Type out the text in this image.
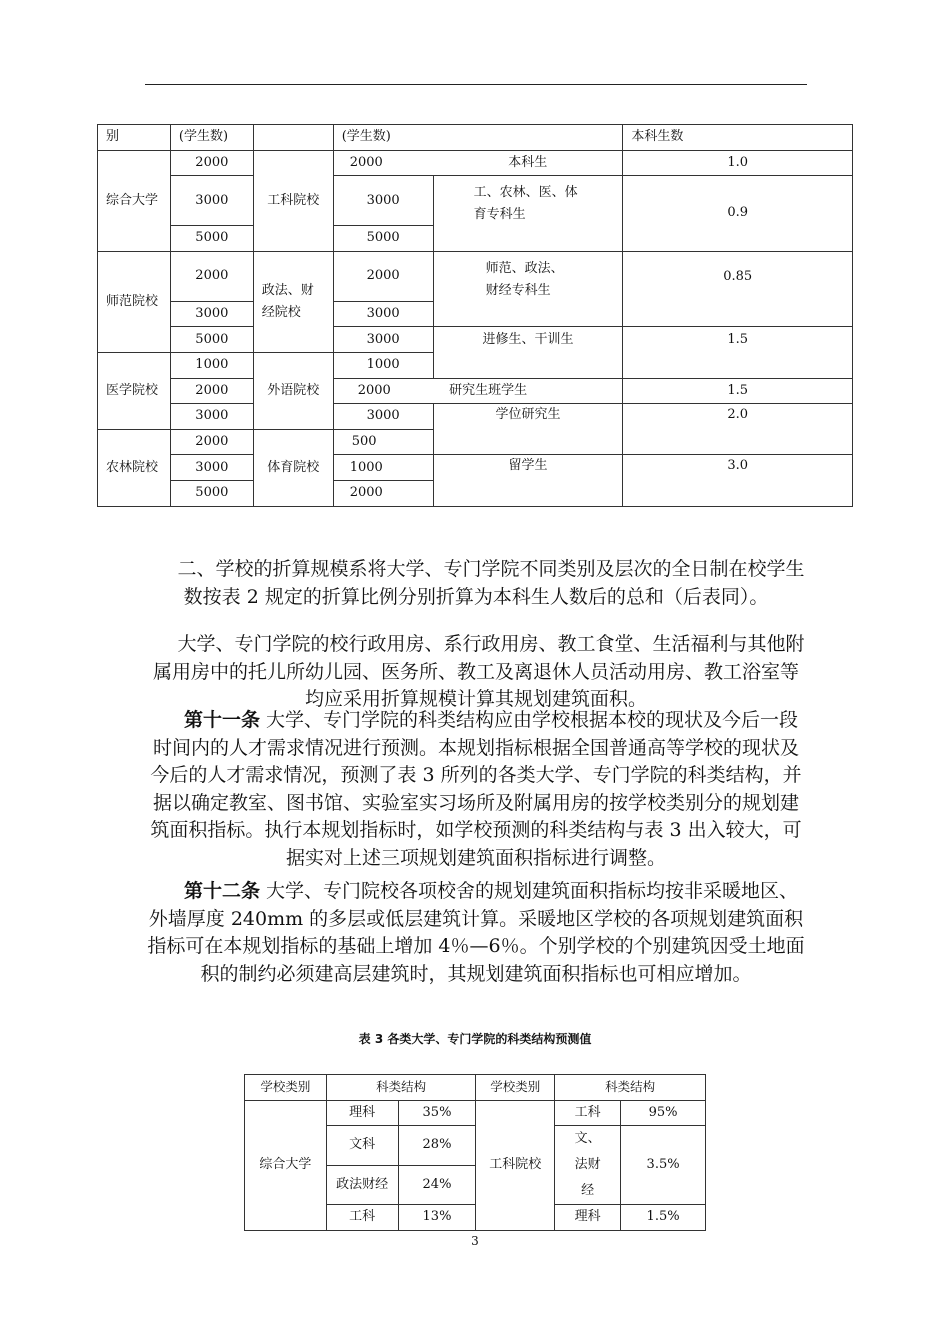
别	(学生数)		(学生数)		本科生数
综合大学	2000	工科院校	2000	本科生	1.0
	3000		3000	工、农林、医、体育专科生	0.9
	5000		5000		
师范院校	2000	政法、财经院校	2000	师范、政法、财经专科生	0.85
	3000		3000		
	5000		3000	进修生、干训生	1.5
医学院校	1000	外语院校	1000		
	2000		2000	研究生班学生	1.5
	3000		3000	学位研究生	2.0
农林院校	2000	体育院校	500		
	3000		1000	留学生	3.0
	5000		2000		
二、学校的折算规模系将大学、专门学院不同类别及层次的全日制在校学生数按表 2 规定的折算比例分别折算为本科生人数后的总和（后表同）。
大学、专门学院的校行政用房、系行政用房、教工食堂、生活福利与其他附属用房中的托儿所幼儿园、医务所、教工及离退休人员活动用房、教工浴室等均应采用折算规模计算其规划建筑面积。
第十一条 大学、专门学院的科类结构应由学校根据本校的现状及今后一段时间内的人才需求情况进行预测。本规划指标根据全国普通高等学校的现状及今后的人才需求情况，预测了表 3 所列的各类大学、专门学院的科类结构，并据以确定教室、图书馆、实验室实习场所及附属用房的按学校类别分的规划建筑面积指标。执行本规划指标时，如学校预测的科类结构与表 3 出入较大，可据实对上述三项规划建筑面积指标进行调整。
第十二条 大学、专门院校各项校舍的规划建筑面积指标均按非采暖地区、外墙厚度 240mm 的多层或低层建筑计算。采暖地区学校的各项规划建筑面积指标可在本规划指标的基础上增加 4％—6％。个别学校的个别建筑因受土地面积的制约必须建高层建筑时，其规划建筑面积指标也可相应增加。
表 3 各类大学、专门学院的科类结构预测值
学校类别	科类结构		学校类别	科类结构	
综合大学	理科	35%	工科院校	工科	95%
	文科	28%		文、法财经	3.5%
	政法财经	24%			
	工科	13%		理科	1.5%
3
